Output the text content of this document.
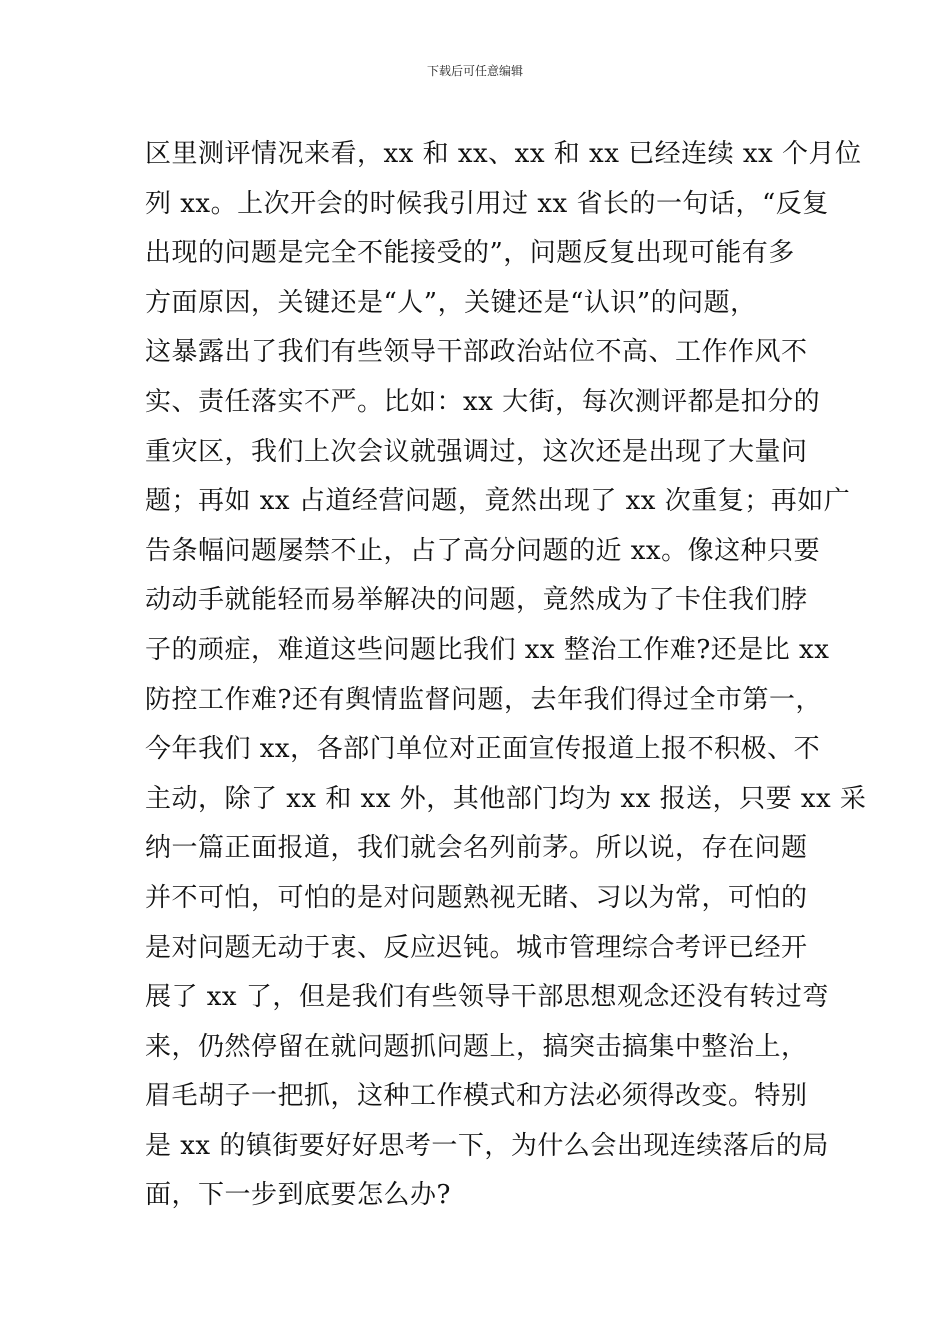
下载后可任意编辑
区里测评情况来看，xx 和 xx、xx 和 xx 已经连续 xx 个月位
列 xx。上次开会的时候我引用过 xx 省长的一句话，“反复
出现的问题是完全不能接受的”，问题反复出现可能有多
方面原因，关键还是“人”，关键还是“认识”的问题，
这暴露出了我们有些领导干部政治站位不高、工作作风不
实、责任落实不严。比如：xx 大街，每次测评都是扣分的
重灾区，我们上次会议就强调过，这次还是出现了大量问
题；再如 xx 占道经营问题，竟然出现了 xx 次重复；再如广
告条幅问题屡禁不止，占了高分问题的近 xx。像这种只要
动动手就能轻而易举解决的问题，竟然成为了卡住我们脖
子的顽症，难道这些问题比我们 xx 整治工作难?还是比 xx
防控工作难?还有舆情监督问题，去年我们得过全市第一，
今年我们 xx，各部门单位对正面宣传报道上报不积极、不
主动，除了 xx 和 xx 外，其他部门均为 xx 报送，只要 xx 采
纳一篇正面报道，我们就会名列前茅。所以说，存在问题
并不可怕，可怕的是对问题熟视无睹、习以为常，可怕的
是对问题无动于衷、反应迟钝。城市管理综合考评已经开
展了 xx 了，但是我们有些领导干部思想观念还没有转过弯
来，仍然停留在就问题抓问题上，搞突击搞集中整治上，
眉毛胡子一把抓，这种工作模式和方法必须得改变。特别
是 xx 的镇街要好好思考一下，为什么会出现连续落后的局
面，下一步到底要怎么办?
